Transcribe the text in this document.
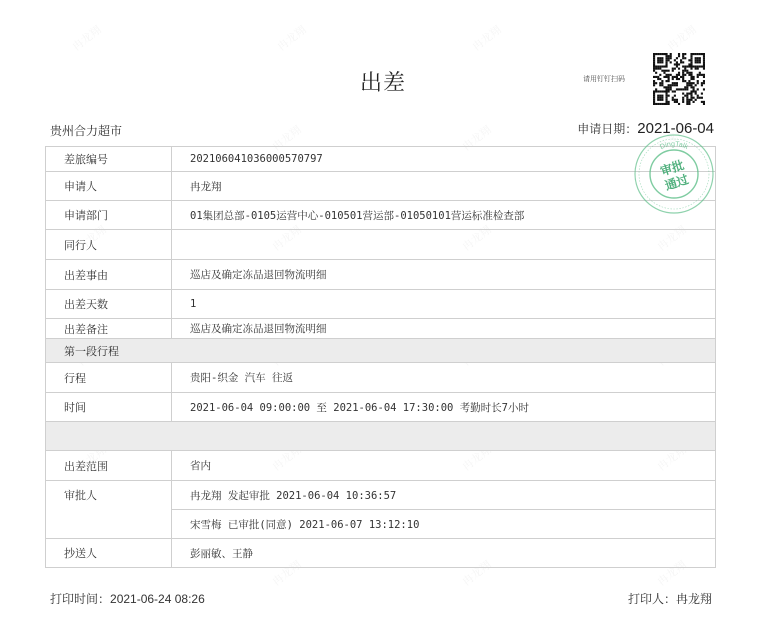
出差	请用钉钉扫码
贵州合力超市	申请日期：2021-06-04
差旅编号	202106041036000570797
申请人	冉龙翔
申请部门	01集团总部-0105运营中心-010501营运部-01050101营运标准检查部
同行人	
出差事由	巡店及确定冻品退回物流明细
出差天数	1
出差备注	巡店及确定冻品退回物流明细
第一段行程	
行程	贵阳-织金 汽车 往返
时间	2021-06-04 09:00:00 至 2021-06-04 17:30:00 考勤时长7小时

出差范围	省内
审批人	冉龙翔 发起审批 2021-06-04 10:36:57
	宋雪梅 已审批(同意) 2021-06-07 13:12:10
抄送人	彭丽敏、王静
DingTalk
审批
通过
打印时间：2021-06-24 08:26	打印人：冉龙翔
